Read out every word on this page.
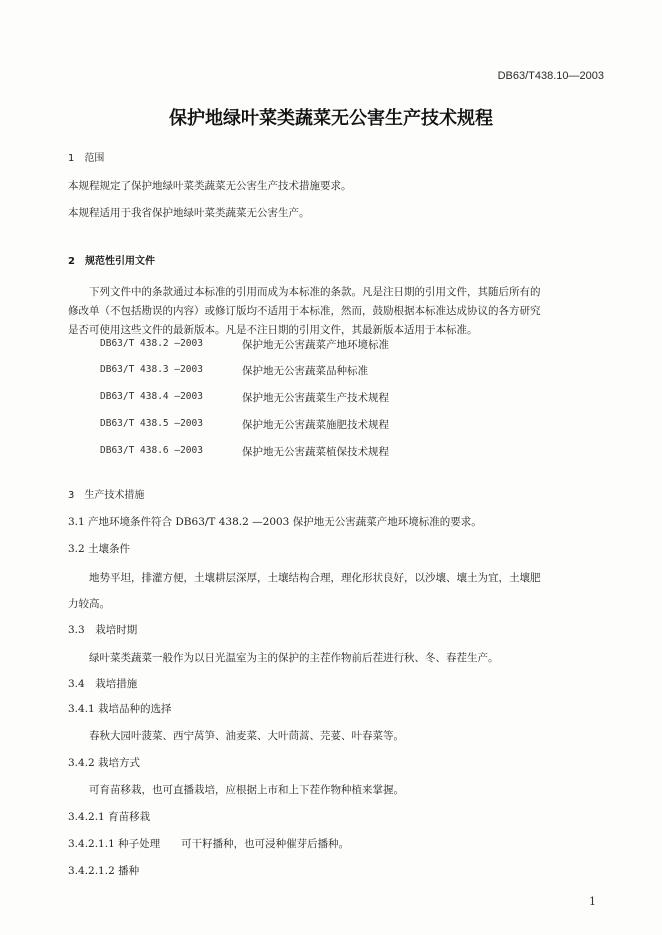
DB63/T438.10—2003
保护地绿叶菜类蔬菜无公害生产技术规程
1　范围
本规程规定了保护地绿叶菜类蔬菜无公害生产技术措施要求。
本规程适用于我省保护地绿叶菜类蔬菜无公害生产。
2　规范性引用文件
下列文件中的条款通过本标准的引用而成为本标准的条款。凡是注日期的引用文件，其随后所有的
修改单（不包括勘误的内容）或修订版均不适用于本标准，然而，鼓励根据本标准达成协议的各方研究
是否可使用这些文件的最新版本。凡是不注日期的引用文件，其最新版本适用于本标准。
DB63/T 438.2 —2003	保护地无公害蔬菜产地环境标准
DB63/T 438.3 —2003	保护地无公害蔬菜品种标准
DB63/T 438.4 —2003	保护地无公害蔬菜生产技术规程
DB63/T 438.5 —2003	保护地无公害蔬菜施肥技术规程
DB63/T 438.6 —2003	保护地无公害蔬菜植保技术规程
3　生产技术措施
3.1 产地环境条件符合 DB63/T 438.2 —2003 保护地无公害蔬菜产地环境标准的要求。
3.2 土壤条件
地势平坦，排灌方便，土壤耕层深厚，土壤结构合理，理化形状良好，以沙壤、壤土为宜，土壤肥
力较高。
3.3　栽培时期
绿叶菜类蔬菜一般作为以日光温室为主的保护的主茬作物前后茬进行秋、冬、春茬生产。
3.4　栽培措施
3.4.1 栽培品种的选择
春秋大园叶菠菜、西宁莴笋、油麦菜、大叶茼蒿、芫荽、叶春菜等。
3.4.2 栽培方式
可育苗移栽，也可直播栽培，应根据上市和上下茬作物种植来掌握。
3.4.2.1 育苗移栽
3.4.2.1.1 种子处理　　可干籽播种，也可浸种催芽后播种。
3.4.2.1.2 播种
1
